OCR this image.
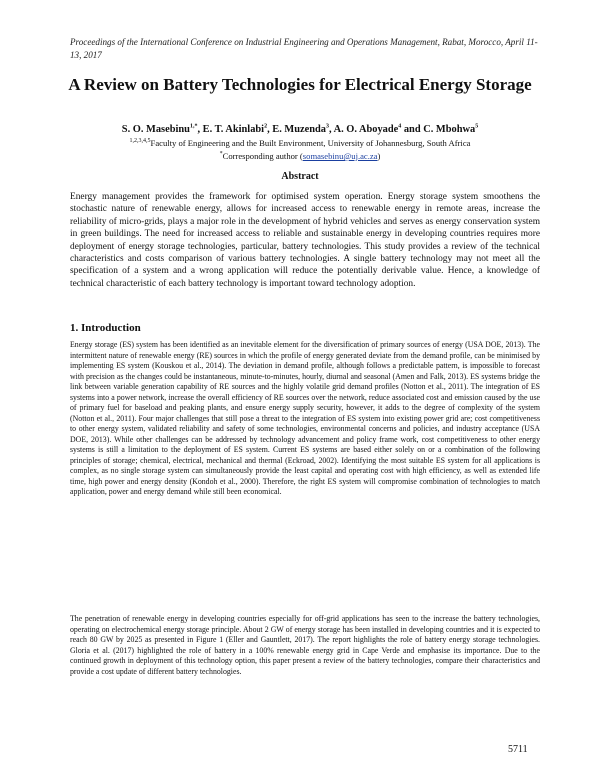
Proceedings of the International Conference on Industrial Engineering and Operations Management, Rabat, Morocco, April 11-13, 2017
A Review on Battery Technologies for Electrical Energy Storage
S. O. Masebinu$^{1,*}$, E. T. Akinlabi$^2$, E. Muzenda$^3$, A. O. Aboyade$^4$ and C. Mbohwa$^5$
$^{1,2,3,4,5}$Faculty of Engineering and the Built Environment, University of Johannesburg, South Africa
*Corresponding author (somasebinu@uj.ac.za)
Abstract

Energy management provides the framework for optimised system operation. Energy storage system smoothens the stochastic nature of renewable energy, allows for increased access to renewable energy in remote areas, increase the reliability of micro-grids, plays a major role in the development of hybrid vehicles and serves as energy conservation system in green buildings. The need for increased access to reliable and sustainable energy in developing countries requires more deployment of energy storage technologies, particular, battery technologies. This study provides a review of the technical characteristics and costs comparison of various battery technologies. A single battery technology may not meet all the specification of a system and a wrong application will reduce the potentially derivable value. Hence, a knowledge of technical characteristic of each battery technology is important toward technology adoption.

1. Introduction

Energy storage (ES) system has been identified as an inevitable element for the diversification of primary sources of energy (USA DOE, 2013). The intermittent nature of renewable energy (RE) sources in which the profile of energy generated deviate from the demand profile, can be minimised by implementing ES system (Kouskou et al., 2014). The deviation in demand profile, although follows a predictable pattern, is impossible to forecast with precision as the changes could be instantaneous, minute-to-minutes, hourly, diurnal and seasonal (Amen and Falk, 2013). ES systems bridge the link between variable generation capability of RE sources and the highly volatile grid demand profiles (Notton et al., 2011). The integration of ES systems into a power network, increase the overall efficiency of RE sources over the network, reduce associated cost and emission caused by the use of primary fuel for baseload and peaking plants, and ensure energy supply security, however, it adds to the degree of complexity of the system (Notton et al., 2011). Four major challenges that still pose a threat to the integration of ES system into existing power grid are; cost competitiveness to other energy system, validated reliability and safety of some technologies, environmental concerns and policies, and industry acceptance (USA DOE, 2013). While other challenges can be addressed by technology advancement and policy frame work, cost competitiveness to other energy systems is still a limitation to the deployment of ES system. Current ES systems are based either solely on or a combination of the following principles of storage; chemical, electrical, mechanical and thermal (Eckroad, 2002). Identifying the most suitable ES system for all applications is complex, as no single storage system can simultaneously provide the least capital and operating cost with high efficiency, as well as extended life time, high power and energy density (Kondoh et al., 2000). Therefore, the right ES system will compromise combination of technologies to match application, power and energy demand while still been economical.

The penetration of renewable energy in developing countries especially for off-grid applications has seen to the increase the battery technologies, operating on electrochemical energy storage principle. About 2 GW of energy storage has been installed in developing countries and it is expected to reach 80 GW by 2025 as presented in Figure 1 (Eller and Gauntlett, 2017). The report highlights the role of battery energy storage technologies. Gloria et al. (2017) highlighted the role of battery in a 100% renewable energy grid in Cape Verde and emphasise its importance. Due to the continued growth in deployment of this technology option, this paper present a review of the battery technologies, compare their characteristics and provide a cost update of different battery technologies.

5711
